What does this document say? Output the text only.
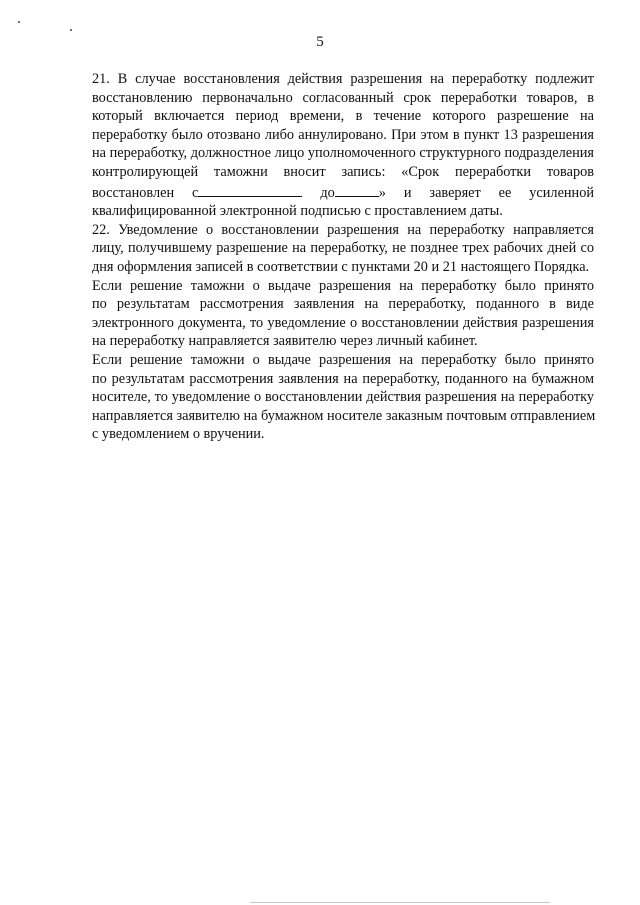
5
21. В случае восстановления действия разрешения на переработку подлежит
восстановлению первоначально согласованный срок переработки товаров, в
который включается период времени, в течение которого разрешение на
переработку было отозвано либо аннулировано. При этом в пункт 13 разрешения
на переработку, должностное лицо уполномоченного структурного подразделения
контролирующей таможни вносит запись: «Срок переработки товаров
восстановлен с	до	» и заверяет ее усиленной
квалифицированной электронной подписью с проставлением даты.
22. Уведомление о восстановлении разрешения на переработку направляется
лицу, получившему разрешение на переработку, не позднее трех рабочих дней со
дня оформления записей в соответствии с пунктами 20 и 21 настоящего Порядка.
Если решение таможни о выдаче разрешения на переработку было принято
по результатам рассмотрения заявления на переработку, поданного в виде
электронного документа, то уведомление о восстановлении действия разрешения
на переработку направляется заявителю через личный кабинет.
Если решение таможни о выдаче разрешения на переработку было принято
по результатам рассмотрения заявления на переработку, поданного на бумажном
носителе, то уведомление о восстановлении действия разрешения на переработку
направляется заявителю на бумажном носителе заказным почтовым отправлением
с уведомлением о вручении.
